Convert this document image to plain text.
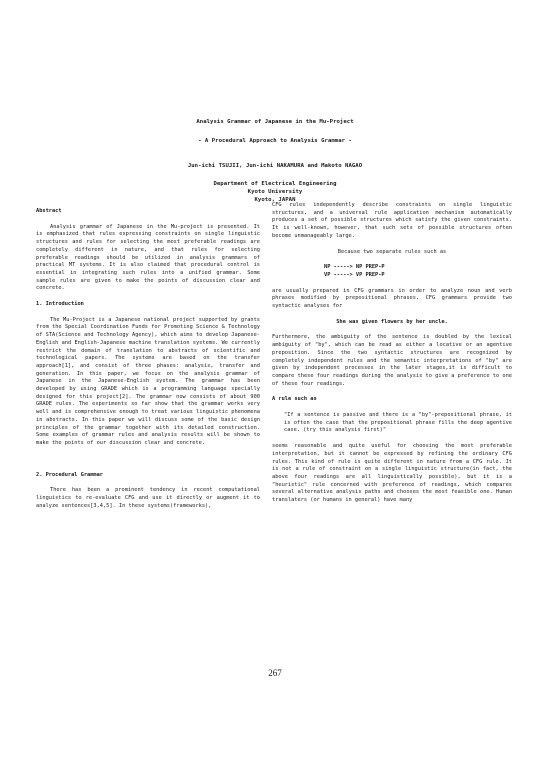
Analysis Grammar of Japanese in the Mu-Project
- A Procedural Approach to Analysis Grammar -
Jun-ichi TSUJII, Jun-ichi NAKAMURA and Makoto NAGAO
Department of Electrical Engineering
Kyoto University
Kyoto, JAPAN

Abstract

Analysis grammar of Japanese in the Mu-project is presented. It is emphasized that rules expressing constraints on single linguistic structures and rules for selecting the most preferable readings are completely different in nature, and that rules for selecting preferable readings should be utilized in analysis grammars of practical MT systems. It is also claimed that procedural control is essential in integrating such rules into a unified grammar. Some sample rules are given to make the points of discussion clear and concrete.

1. Introduction

The Mu-Project is a Japanese national project supported by grants from the Special Coordination Funds for Promoting Science & Technology of STA(Science and Technology Agency), which aims to develop Japanese-English and English-Japanese machine translation systems. We currently restrict the domain of translation to abstracts of scientific and technological papers. The systems are based on the transfer approach[1], and consist of three phases: analysis, transfer and generation. In this paper, we focus on the analysis grammar of Japanese in the Japanese-English system. The grammar has been developed by using GRADE which is a programming language specially designed for this project[2]. The grammar now consists of about 900 GRADE rules. The experiments so far show that the grammar works very well and is comprehensive enough to treat various linguistic phenomena in abstracts. In this paper we will discuss some of the basic design principles of the grammar together with its detailed construction. Some examples of grammar rules and analysis results will be shown to make the points of our discussion clear and concrete.

2. Procedural Grammar

There has been a prominent tendency in recent computational linguistics to re-evaluate CFG and use it directly or augment it to analyze sentences[3,4,5]. In these systems(frameworks),

CFG rules independently describe constraints on single linguistic structures, and a universal rule application mechanism automatically produces a set of possible structures which satisfy the given constraints. It is well-known, however, that such sets of possible structures often become unmanageably large.

Because two separate rules such as

NP -----> NP PREP-P

VP -----> VP PREP-P

are usually prepared in CFG grammars in order to analyze noun and verb phrases modified by prepositional phrases, CFG grammars provide two syntactic analyses for

She was given flowers by her uncle.

Furthermore, the ambiguity of the sentence is doubled by the lexical ambiguity of "by", which can be read as either a locative or an agentive preposition. Since the two syntactic structures are recognized by completely independent rules and the semantic interpretations of "by" are given by independent processes in the later stages,it is difficult to compare these four readings during the analysis to give a preference to one of these four readings.

A rule such as

"If a sentence is passive and there is a "by"-prepositional phrase, it is often the case that the prepositional phrase fills the deep agentive case. (try this analysis first)"

seems reasonable and quite useful for choosing the most preferable interpretation, but it cannot be expressed by refining the ordinary CFG rules. This kind of rule is quite different in nature from a CFG rule. It is not a rule of constraint on a single linguistic structure(in fact, the above four readings are all linguistically possible), but it is a "heuristic" rule concerned with preference of readings, which compares several alternative analysis paths and chooses the most feasible one. Human translaters (or humans in general) have many

267
